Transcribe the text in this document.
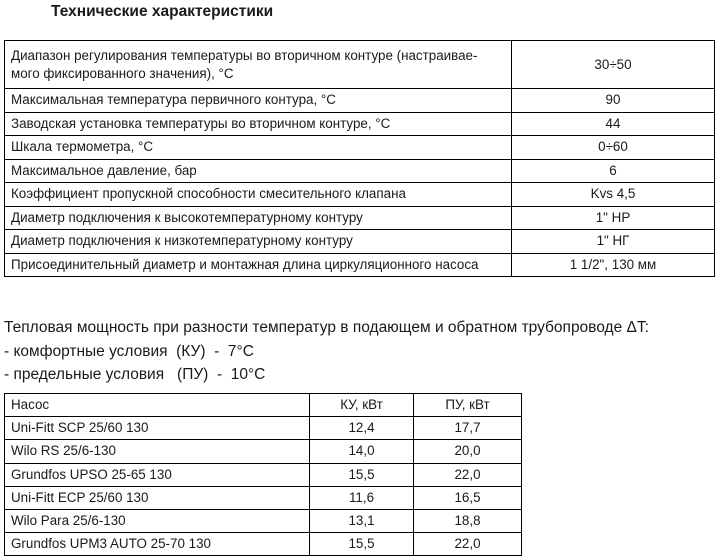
Технические характеристики
Диапазон регулирования температуры во вторичном контуре (настраивае-
мого фиксированного значения), °С	30÷50
Максимальная температура первичного контура, °С	90
Заводская установка температуры во вторичном контуре, °С	44
Шкала термометра, °С	0÷60
Максимальное давление, бар	6
Коэффициент пропускной способности смесительного клапана	Kvs 4,5
Диаметр подключения к высокотемпературному контуру	1" НР
Диаметр подключения к низкотемпературному контуру	1" НГ
Присоединительный диаметр и монтажная длина циркуляционного насоса	1 1/2", 130 мм
Тепловая мощность при разности температур в подающем и обратном трубопроводе ΔT:
- комфортные условия  (КУ)  -  7°C
- предельные условия   (ПУ)  -  10°C
Насос	КУ, кВт	ПУ, кВт
Uni-Fitt SCP 25/60 130	12,4	17,7
Wilo RS 25/6-130	14,0	20,0
Grundfos UPSO 25-65 130	15,5	22,0
Uni-Fitt ECP 25/60 130	11,6	16,5
Wilo Para 25/6-130	13,1	18,8
Grundfos UPM3 AUTO 25-70 130	15,5	22,0
